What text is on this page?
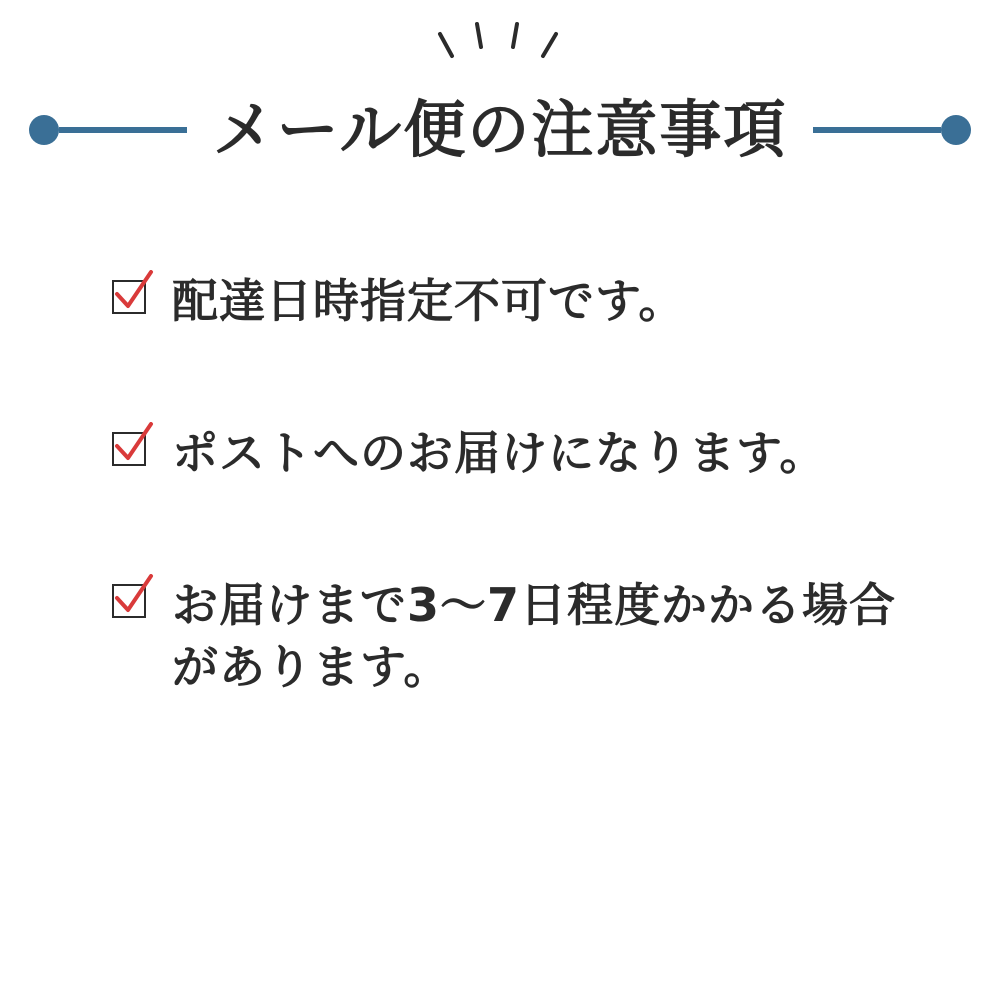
メール便の注意事項
配達日時指定不可です。
ポストへのお届けになります。
お届けまで3〜7日程度かかる場合があります。
